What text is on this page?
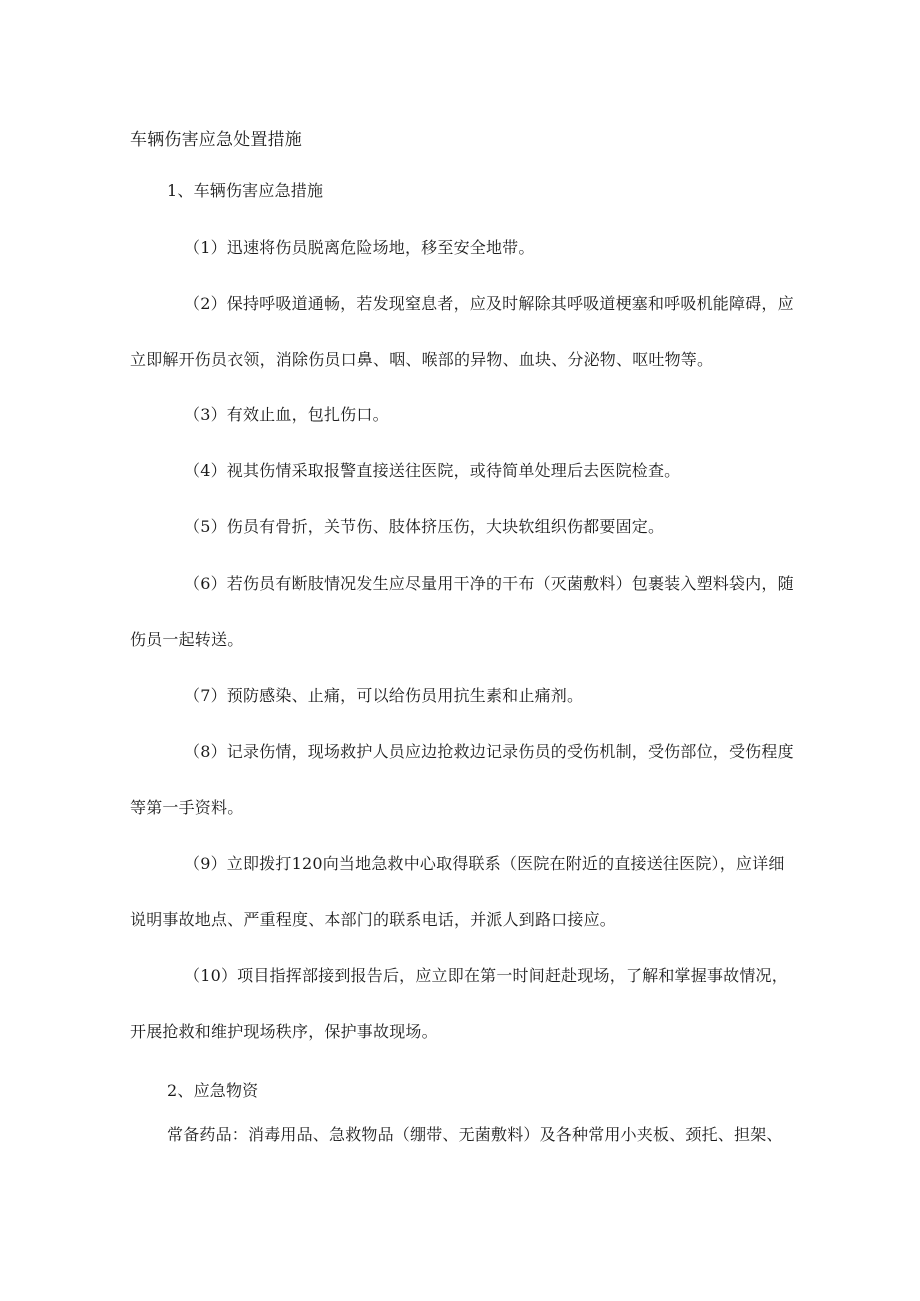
车辆伤害应急处置措施
1、车辆伤害应急措施
（1）迅速将伤员脱离危险场地，移至安全地带。
（2）保持呼吸道通畅，若发现窒息者，应及时解除其呼吸道梗塞和呼吸机能障碍，应
立即解开伤员衣领，消除伤员口鼻、咽、喉部的异物、血块、分泌物、呕吐物等。
（3）有效止血，包扎伤口。
（4）视其伤情采取报警直接送往医院，或待简单处理后去医院检查。
（5）伤员有骨折，关节伤、肢体挤压伤，大块软组织伤都要固定。
（6）若伤员有断肢情况发生应尽量用干净的干布（灭菌敷料）包裹装入塑料袋内，随
伤员一起转送。
（7）预防感染、止痛，可以给伤员用抗生素和止痛剂。
（8）记录伤情，现场救护人员应边抢救边记录伤员的受伤机制，受伤部位，受伤程度
等第一手资料。
（9）立即拨打120向当地急救中心取得联系（医院在附近的直接送往医院），应详细
说明事故地点、严重程度、本部门的联系电话，并派人到路口接应。
（10）项目指挥部接到报告后，应立即在第一时间赶赴现场，了解和掌握事故情况，
开展抢救和维护现场秩序，保护事故现场。
2、应急物资
常备药品：消毒用品、急救物品（绷带、无菌敷料）及各种常用小夹板、颈托、担架、
